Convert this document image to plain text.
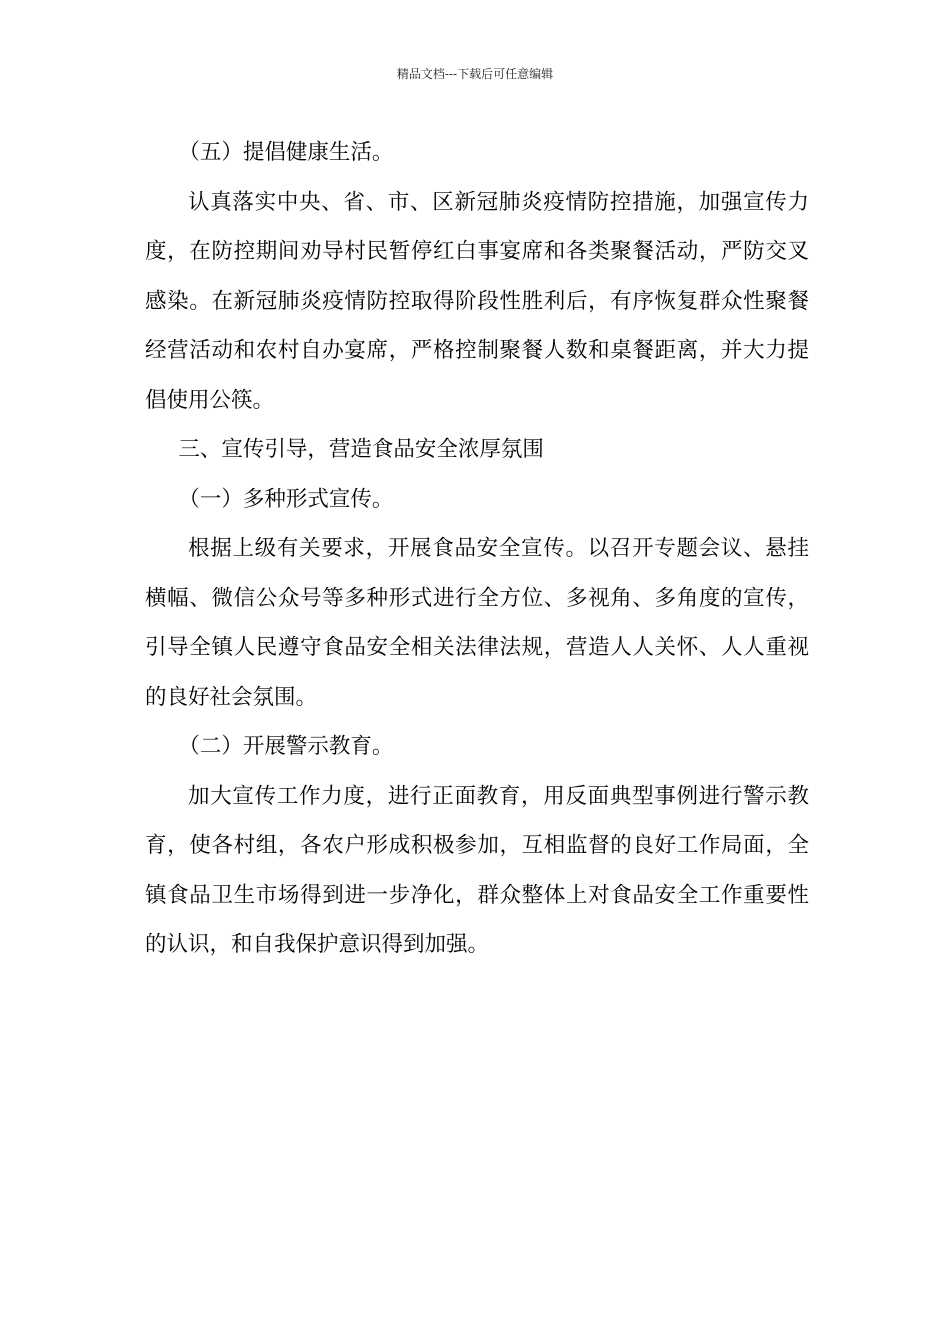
精品文档---下载后可任意编辑

（五）提倡健康生活。

认真落实中央、省、市、区新冠肺炎疫情防控措施，加强宣传力度，在防控期间劝导村民暂停红白事宴席和各类聚餐活动，严防交叉感染。在新冠肺炎疫情防控取得阶段性胜利后，有序恢复群众性聚餐经营活动和农村自办宴席，严格控制聚餐人数和桌餐距离，并大力提倡使用公筷。

三、宣传引导，营造食品安全浓厚氛围

（一）多种形式宣传。

根据上级有关要求，开展食品安全宣传。以召开专题会议、悬挂横幅、微信公众号等多种形式进行全方位、多视角、多角度的宣传，引导全镇人民遵守食品安全相关法律法规，营造人人关怀、人人重视的良好社会氛围。

（二）开展警示教育。

加大宣传工作力度，进行正面教育，用反面典型事例进行警示教育，使各村组，各农户形成积极参加，互相监督的良好工作局面，全镇食品卫生市场得到进一步净化，群众整体上对食品安全工作重要性的认识，和自我保护意识得到加强。
